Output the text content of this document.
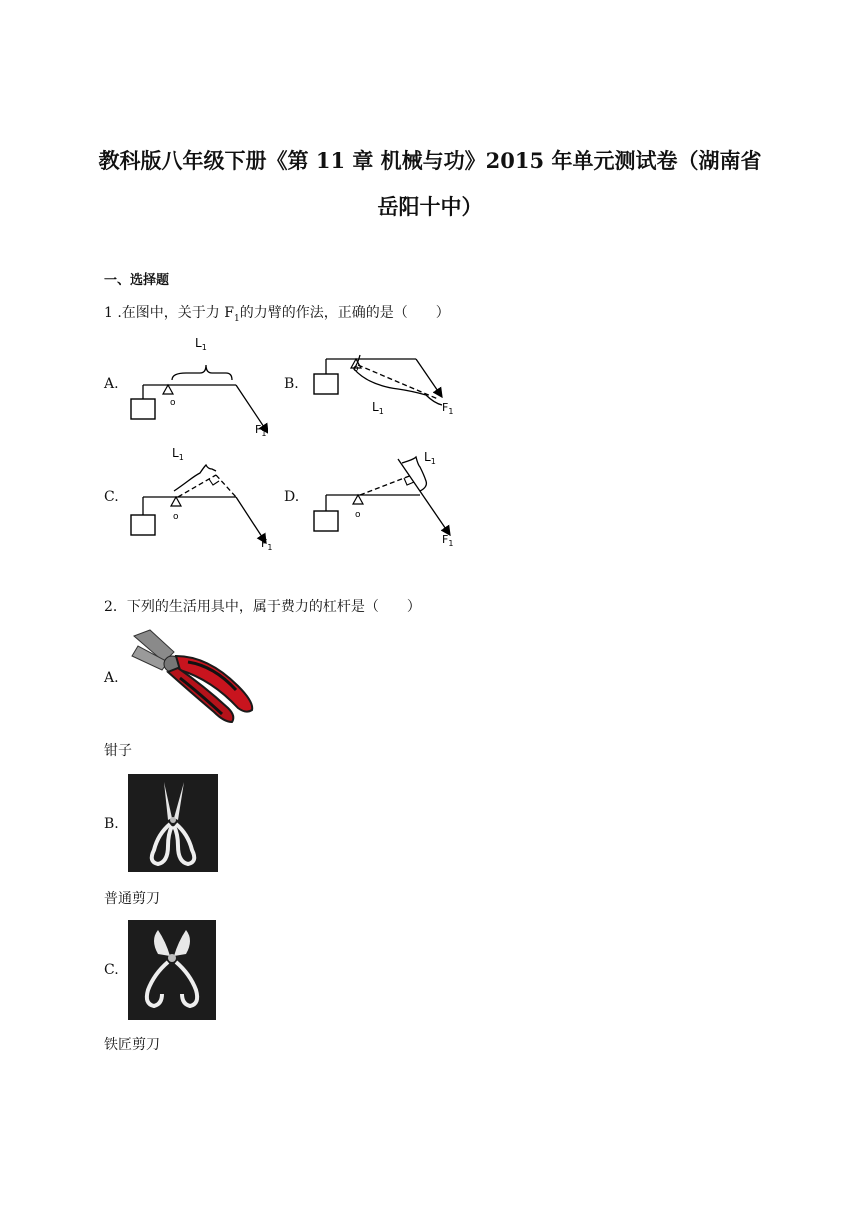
教科版八年级下册《第 11 章 机械与功》2015 年单元测试卷（湖南省
岳阳十中）
一、选择题
1 .在图中，关于力 $F_1$的力臂的作法，正确的是（　　）
A.	B.
C.	D.
$L_1$
o
$F_1$
$L_1$
o
$F_1$
$L_1$
o
$F_1$
$L_1$
o
$F_1$
2．下列的生活用具中，属于费力的杠杆是（　　）
A.
钳子
B.
普通剪刀
C.
铁匠剪刀
